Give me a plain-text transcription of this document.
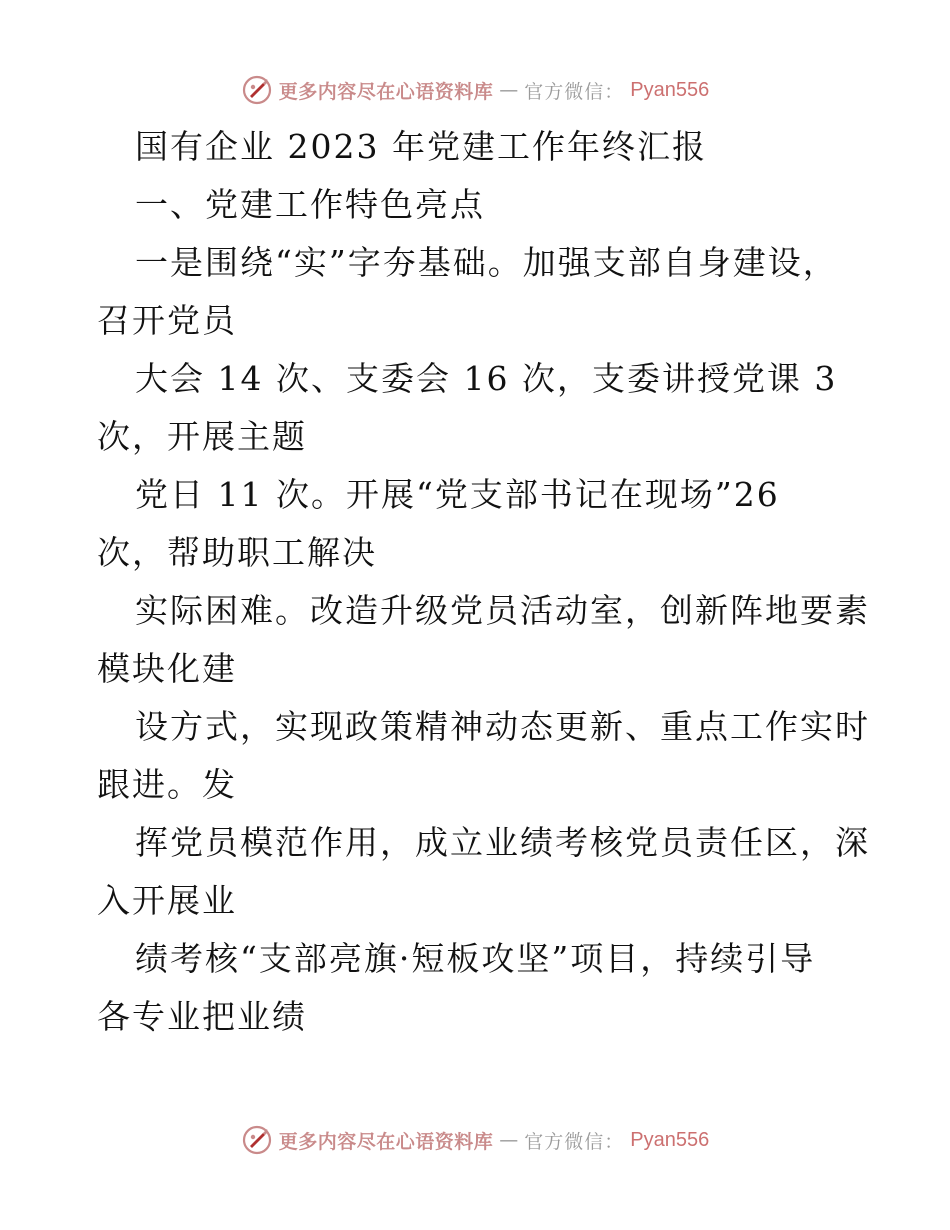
更多内容尽在心语资料库 — 官方微信： Pyan556
国有企业 2023 年党建工作年终汇报
一、党建工作特色亮点
一是围绕“实”字夯基础。加强支部自身建设，
召开党员
大会 14 次、支委会 16 次，支委讲授党课 3
次，开展主题
党日 11 次。开展“党支部书记在现场”26
次，帮助职工解决
实际困难。改造升级党员活动室，创新阵地要素
模块化建
设方式，实现政策精神动态更新、重点工作实时
跟进。发
挥党员模范作用，成立业绩考核党员责任区，深
入开展业
绩考核“支部亮旗·短板攻坚”项目，持续引导
各专业把业绩
更多内容尽在心语资料库 — 官方微信： Pyan556
